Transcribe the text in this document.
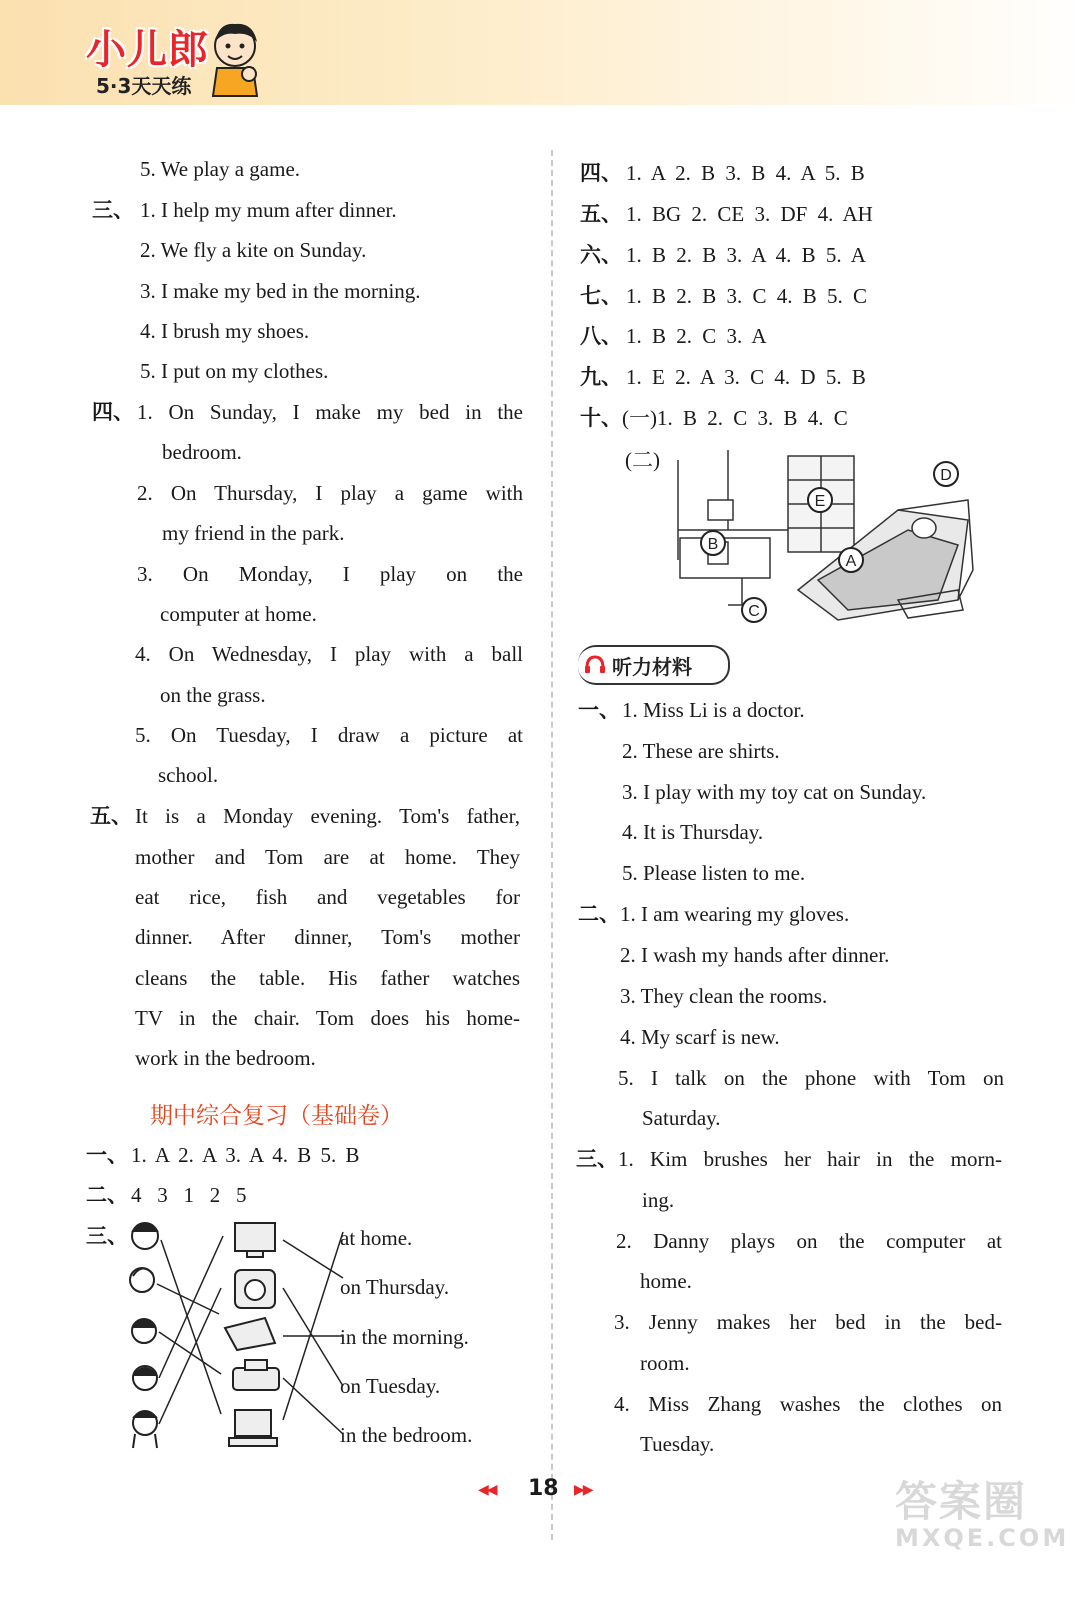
小儿郎
5·3天天练
5. We play a game.
三、 1. I help my mum after dinner.
2. We fly a kite on Sunday.
3. I make my bed in the morning.
4. I brush my shoes.
5. I put on my clothes.
四、 1. On Sunday, I make my bed in the
bedroom.
2. On Thursday, I play a game with
my friend in the park.
3. On Monday, I play on the
computer at home.
4. On Wednesday, I play with a ball
on the grass.
5. On Tuesday, I draw a picture at
school.
五、 It is a Monday evening. Tom's father,
mother and Tom are at home. They
eat rice, fish and vegetables for
dinner. After dinner, Tom's mother
cleans the table. His father watches
TV in the chair. Tom does his home-
work in the bedroom.
期中综合复习（基础卷）
一、 1. A 2. A 3. A 4. B 5. B
二、 4   3   1   2   5
三、	at home.
on Thursday.
in the morning.
on Tuesday.
in the bedroom.
四、 1. A 2. B 3. B 4. A 5. B
五、 1. BG 2. CE 3. DF 4. AH
六、 1. B 2. B 3. A 4. B 5. A
七、 1. B 2. B 3. C 4. B 5. C
八、 1. B 2. C 3. A
九、 1. E 2. A 3. C 4. D 5. B
十、 (一)1. B 2. C 3. B 4. C
(二)
A
B
C
D
E
听力材料
一、 1. Miss Li is a doctor.
2. These are shirts.
3. I play with my toy cat on Sunday.
4. It is Thursday.
5. Please listen to me.
二、 1. I am wearing my gloves.
2. I wash my hands after dinner.
3. They clean the rooms.
4. My scarf is new.
5. I talk on the phone with Tom on
Saturday.
三、 1. Kim brushes her hair in the morn-
ing.
2. Danny plays on the computer at
home.
3. Jenny makes her bed in the bed-
room.
4. Miss Zhang washes the clothes on
Tuesday.
◀◀ 18 ▶▶	答案圈
MXQE.COM
